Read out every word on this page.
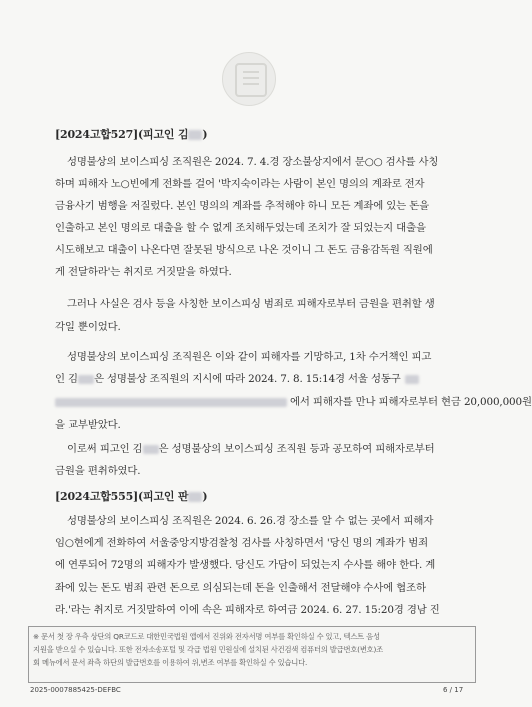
[2024고합527](피고인 김 )
성명불상의 보이스피싱 조직원은 2024. 7. 4.경 장소불상지에서 문○○ 검사를 사칭
하며 피해자 노○빈에게 전화를 걸어 '박지숙이라는 사람이 본인 명의의 계좌로 전자
금융사기 범행을 저질렀다. 본인 명의의 계좌를 추적해야 하니 모든 계좌에 있는 돈을
인출하고 본인 명의로 대출을 할 수 없게 조치해두었는데 조치가 잘 되었는지 대출을
시도해보고 대출이 나온다면 잘못된 방식으로 나온 것이니 그 돈도 금융감독원 직원에
게 전달하라'는 취지로 거짓말을 하였다.
그러나 사실은 검사 등을 사칭한 보이스피싱 범죄로 피해자로부터 금원을 편취할 생
각일 뿐이었다.
성명불상의 보이스피싱 조직원은 이와 같이 피해자를 기망하고, 1차 수거책인 피고
인 김 은 성명불상 조직원의 지시에 따라 2024. 7. 8. 15:14경 서울 성동구
에서 피해자를 만나 피해자로부터 현금 20,000,000원
을 교부받았다.
이로써 피고인 김 은 성명불상의 보이스피싱 조직원 등과 공모하여 피해자로부터
금원을 편취하였다.
[2024고합555](피고인 판 )
성명불상의 보이스피싱 조직원은 2024. 6. 26.경 장소를 알 수 없는 곳에서 피해자
임○현에게 전화하여 서울중앙지방검찰청 검사를 사칭하면서 '당신 명의 계좌가 범죄
에 연루되어 72명의 피해자가 발생했다. 당신도 가담이 되었는지 수사를 해야 한다. 계
좌에 있는 돈도 범죄 관련 돈으로 의심되는데 돈을 인출해서 전달해야 수사에 협조하
라.'라는 취지로 거짓말하여 이에 속은 피해자로 하여금 2024. 6. 27. 15:20경 경남 진
※ 문서 첫 장 우측 상단의 QR코드로 대한민국법원 앱에서 진위와 전자서명 여부를 확인하실 수 있고, 텍스트 음성
지원을 받으실 수 있습니다. 또한 전자소송포털 및 각급 법원 민원실에 설치된 사건검색 컴퓨터의 발급번호(변호)조
회 메뉴에서 문서 좌측 하단의 발급번호를 이용하여 위,변조 여부를 확인하실 수 있습니다.
2025-0007885425-DEFBC	6 / 17
